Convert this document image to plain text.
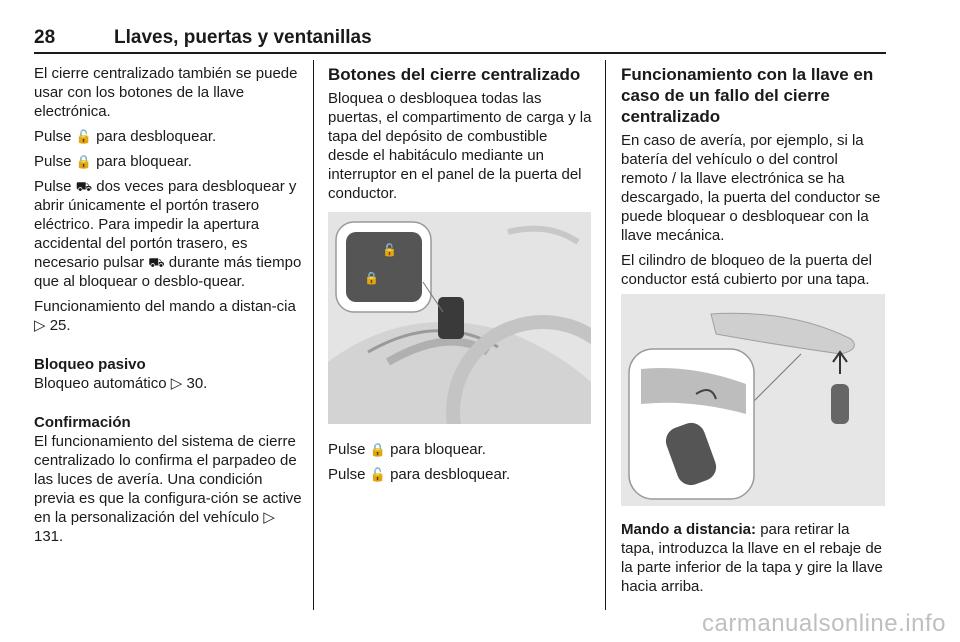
28	Llaves, puertas y ventanillas

El cierre centralizado también se puede usar con los botones de la llave electrónica.

Pulse 🔓 para desbloquear.

Pulse 🔒 para bloquear.

Pulse ⛟ dos veces para desbloquear y abrir únicamente el portón trasero eléctrico. Para impedir la apertura accidental del portón trasero, es necesario pulsar ⛟ durante más tiempo que al bloquear o desblo-quear.

Funcionamiento del mando a distan-cia ▷ 25.

Bloqueo pasivo

Bloqueo automático ▷ 30.

Confirmación

El funcionamiento del sistema de cierre centralizado lo confirma el parpadeo de las luces de avería. Una condición previa es que la configura-ción se active en la personalización del vehículo ▷ 131.

Botones del cierre centralizado

Bloquea o desbloquea todas las puertas, el compartimento de carga y la tapa del depósito de combustible desde el habitáculo mediante un interruptor en el panel de la puerta del conductor.

🔓
🔒

Pulse 🔒 para bloquear.

Pulse 🔓 para desbloquear.

Funcionamiento con la llave en caso de un fallo del cierre centralizado

En caso de avería, por ejemplo, si la batería del vehículo o del control remoto / la llave electrónica se ha descargado, la puerta del conductor se puede bloquear o desbloquear con la llave mecánica.

El cilindro de bloqueo de la puerta del conductor está cubierto por una tapa.

Mando a distancia: para retirar la tapa, introduzca la llave en el rebaje de la parte inferior de la tapa y gire la llave hacia arriba.

carmanualsonline.info
